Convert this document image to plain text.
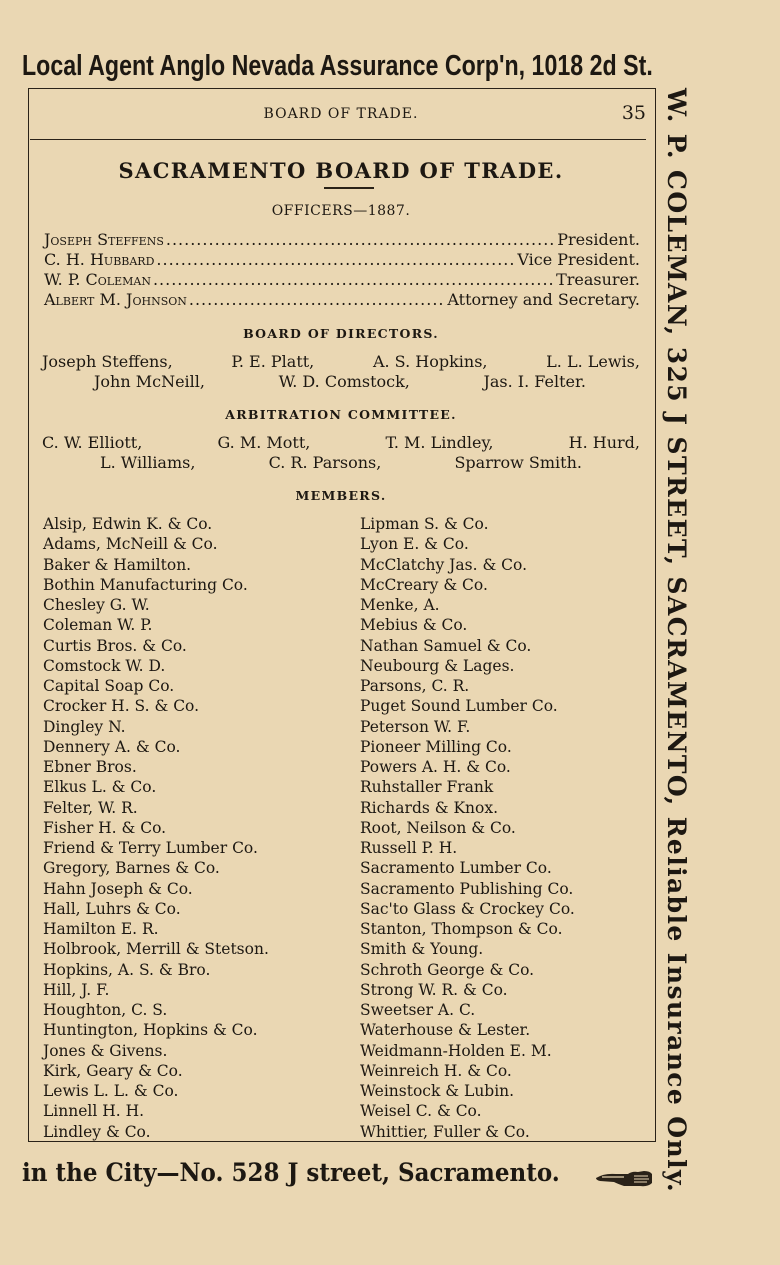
Local Agent Anglo Nevada Assurance Corp'n, 1018 2d St.
W. P. COLEMAN, 325 J STREET, SACRAMENTO, Reliable Insurance Only.
BOARD OF TRADE.	35
SACRAMENTO BOARD OF TRADE.
OFFICERS—1887.
Joseph Steffens .....	President.
C. H. Hubbard .....	Vice President.
W. P. Coleman .....	Treasurer.
Albert M. Johnson .....	Attorney and Secretary.
BOARD OF DIRECTORS.
Joseph Steffens,	P. E. Platt,	A. S. Hopkins,	L. L. Lewis,
John McNeill,	W. D. Comstock,	Jas. I. Felter.
ARBITRATION COMMITTEE.
C. W. Elliott,	G. M. Mott,	T. M. Lindley,	H. Hurd,
L. Williams,	C. R. Parsons,	Sparrow Smith.
MEMBERS.
Alsip, Edwin K. & Co.
Adams, McNeill & Co.
Baker & Hamilton.
Bothin Manufacturing Co.
Chesley G. W.
Coleman W. P.
Curtis Bros. & Co.
Comstock W. D.
Capital Soap Co.
Crocker H. S. & Co.
Dingley N.
Dennery A. & Co.
Ebner Bros.
Elkus L. & Co.
Felter, W. R.
Fisher H. & Co.
Friend & Terry Lumber Co.
Gregory, Barnes & Co.
Hahn Joseph & Co.
Hall, Luhrs & Co.
Hamilton E. R.
Holbrook, Merrill & Stetson.
Hopkins, A. S. & Bro.
Hill, J. F.
Houghton, C. S.
Huntington, Hopkins & Co.
Jones & Givens.
Kirk, Geary & Co.
Lewis L. L. & Co.
Linnell H. H.
Lindley & Co.
Lipman S. & Co.
Lyon E. & Co.
McClatchy Jas. & Co.
McCreary & Co.
Menke, A.
Mebius & Co.
Nathan Samuel & Co.
Neubourg & Lages.
Parsons, C. R.
Puget Sound Lumber Co.
Peterson W. F.
Pioneer Milling Co.
Powers A. H. & Co.
Ruhstaller Frank
Richards & Knox.
Root, Neilson & Co.
Russell P. H.
Sacramento Lumber Co.
Sacramento Publishing Co.
Sac'to Glass & Crockey Co.
Stanton, Thompson & Co.
Smith & Young.
Schroth George & Co.
Strong W. R. & Co.
Sweetser A. C.
Waterhouse & Lester.
Weidmann-Holden E. M.
Weinreich H. & Co.
Weinstock & Lubin.
Weisel C. & Co.
Whittier, Fuller & Co.
in the City—No. 528 J street, Sacramento.
